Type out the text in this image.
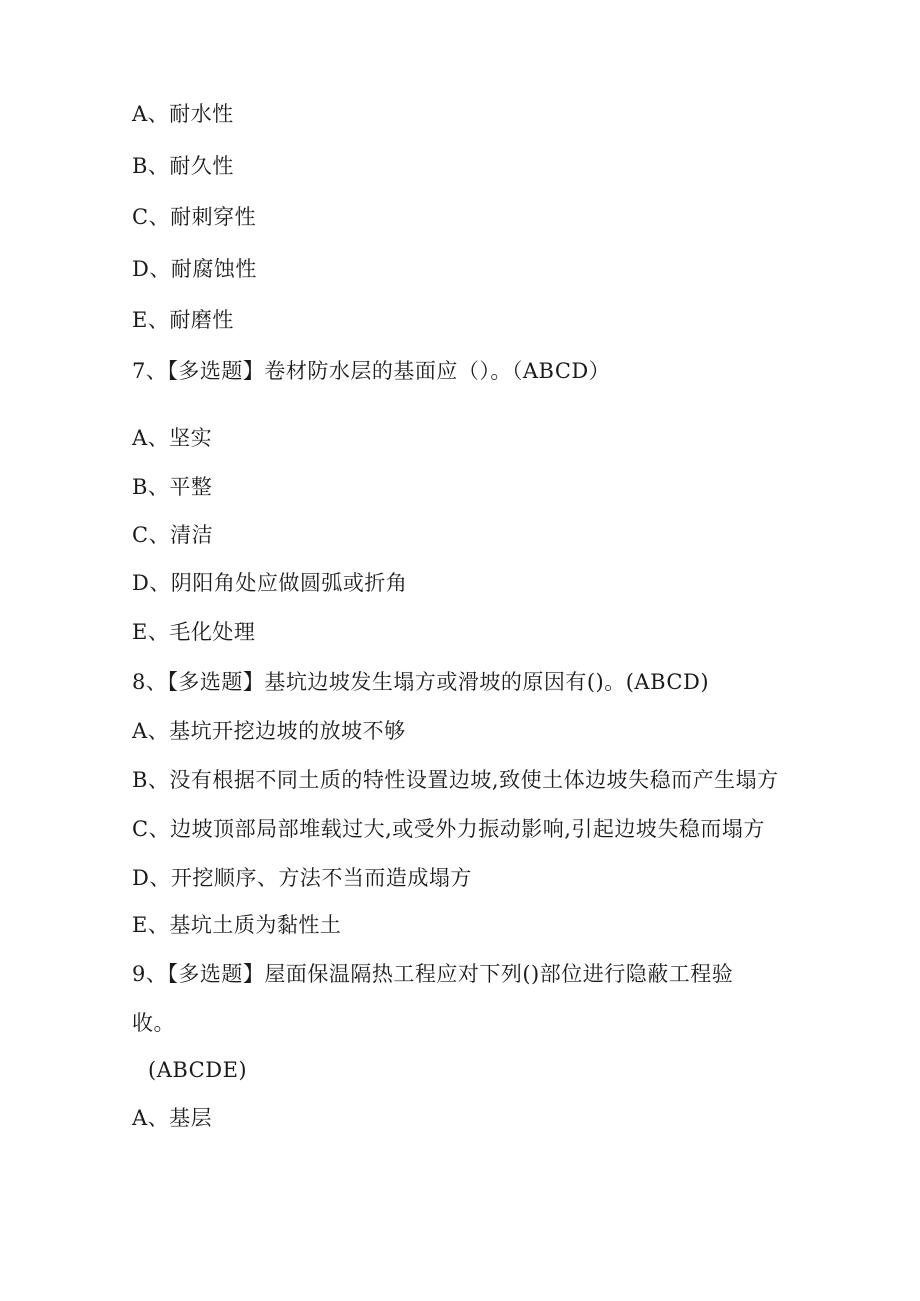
A、耐水性
B、耐久性
C、耐刺穿性
D、耐腐蚀性
E、耐磨性
7、【多选题】卷材防水层的基面应（）。（ABCD）
A、坚实
B、平整
C、清洁
D、阴阳角处应做圆弧或折角
E、毛化处理
8、【多选题】基坑边坡发生塌方或滑坡的原因有()。(ABCD)
A、基坑开挖边坡的放坡不够
B、没有根据不同土质的特性设置边坡,致使土体边坡失稳而产生塌方
C、边坡顶部局部堆载过大,或受外力振动影响,引起边坡失稳而塌方
D、开挖顺序、方法不当而造成塌方
E、基坑土质为黏性土
9、【多选题】屋面保温隔热工程应对下列()部位进行隐蔽工程验
收。
(ABCDE)
A、基层
